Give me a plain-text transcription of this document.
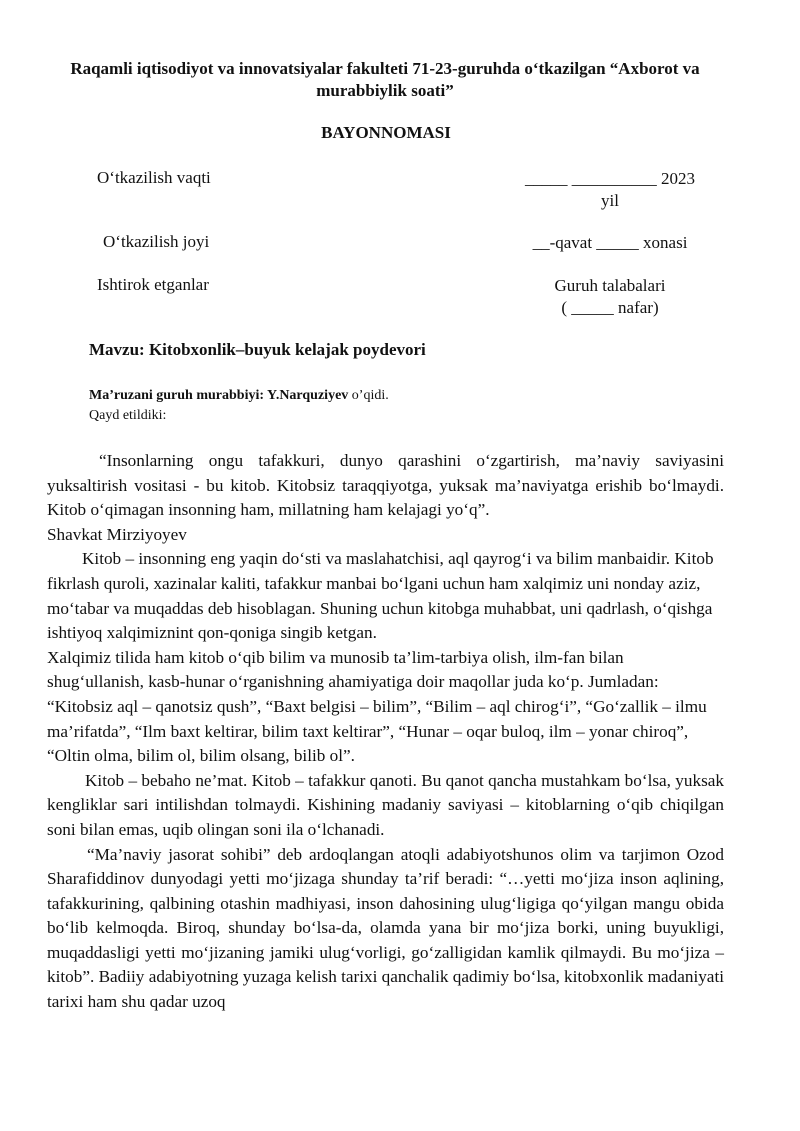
Raqamli iqtisodiyot va innovatsiyalar fakulteti 71-23-guruhda o‘tkazilgan “Axborot va murabbiylik soati”
BAYONNOMASI
O‘tkazilish vaqti	_____ __________ 2023
yil
O‘tkazilish joyi	__-qavat _____ xonasi
Ishtirok etganlar	Guruh talabalari
( _____ nafar)
Mavzu: Kitobxonlik–buyuk kelajak poydevori
Ma’ruzani guruh murabbiyi: Y.Narquziyev o’qidi.
Qayd etildiki:

“Insonlarning ongu tafakkuri, dunyo qarashini o‘zgartirish, ma’naviy saviyasini yuksaltirish vositasi - bu kitob. Kitobsiz taraqqiyotga, yuksak ma’naviyatga erishib bo‘lmaydi. Kitob o‘qimagan insonning ham, millatning ham kelajagi yo‘q”.

Shavkat Mirziyoyev

Kitob – insonning eng yaqin do‘sti va maslahatchisi, aql qayrog‘i va bilim manbaidir. Kitob fikrlash quroli, xazinalar kaliti, tafakkur manbai bo‘lgani uchun ham xalqimiz uni nonday aziz, mo‘tabar va muqaddas deb hisoblagan. Shuning uchun kitobga muhabbat, uni qadrlash, o‘qishga ishtiyoq xalqimiznint qon-qoniga singib ketgan.

Xalqimiz tilida ham kitob o‘qib bilim va munosib ta’lim-tarbiya olish, ilm-fan bilan shug‘ullanish, kasb-hunar o‘rganishning ahamiyatiga doir maqollar juda ko‘p. Jumladan: “Kitobsiz aql – qanotsiz qush”, “Baxt belgisi – bilim”, “Bilim – aql chirog‘i”, “Go‘zallik – ilmu ma’rifatda”, “Ilm baxt keltirar, bilim taxt keltirar”, “Hunar – oqar buloq, ilm – yonar chiroq”, “Oltin olma, bilim ol, bilim olsang, bilib ol”.

Kitob – bebaho ne’mat. Kitob – tafakkur qanoti. Bu qanot qancha mustahkam bo‘lsa, yuksak kengliklar sari intilishdan tolmaydi. Kishining madaniy saviyasi – kitoblarning o‘qib chiqilgan soni bilan emas, uqib olingan soni ila o‘lchanadi.

“Ma’naviy jasorat sohibi” deb ardoqlangan atoqli adabiyotshunos olim va tarjimon Ozod Sharafiddinov dunyodagi yetti mo‘jizaga shunday ta’rif beradi: “…yetti mo‘jiza inson aqlining, tafakkurining, qalbining otashin madhiyasi, inson dahosining ulug‘ligiga qo‘yilgan mangu obida bo‘lib kelmoqda. Biroq, shunday bo‘lsa-da, olamda yana bir mo‘jiza borki, uning buyukligi, muqaddasligi yetti mo‘jizaning jamiki ulug‘vorligi, go‘zalligidan kamlik qilmaydi. Bu mo‘jiza – kitob”. Badiiy adabiyotning yuzaga kelish tarixi qanchalik qadimiy bo‘lsa, kitobxonlik madaniyati tarixi ham shu qadar uzoq
